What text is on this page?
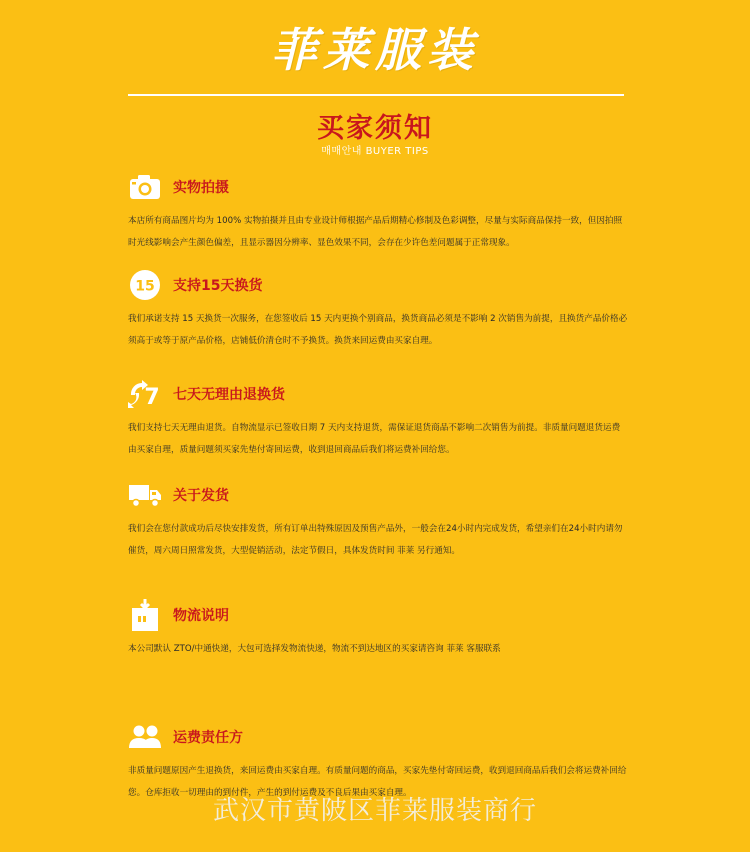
菲莱服装
买家须知
매매안내 BUYER TIPS
实物拍摄
本店所有商品图片均为 100% 实物拍摄并且由专业设计师根据产品后期精心修制及色彩调整，尽量与实际商品保持一致，但因拍照时光线影响会产生颜色偏差，且显示器因分辨率、显色效果不同，会存在少许色差问题属于正常现象。
15 支持15天换货
我们承诺支持 15 天换货一次服务，在您签收后 15 天内更换个别商品，换货商品必须是不影响 2 次销售为前提，且换货产品价格必须高于或等于原产品价格，店铺低价清仓时不予换货。换货来回运费由买家自理。
7 七天无理由退换货
我们支持七天无理由退货。自物流显示已签收日期 7 天内支持退货，需保证退货商品不影响二次销售为前提。非质量问题退货运费由买家自理，质量问题须买家先垫付寄回运费，收到退回商品后我们将运费补回给您。
关于发货
我们会在您付款成功后尽快安排发货，所有订单出特殊原因及预售产品外，一般会在24小时内完成发货，希望亲们在24小时内请勿催货，周六周日照常发货，大型促销活动，法定节假日，具体发货时间 菲莱 另行通知。
物流说明
本公司默认 ZTO/中通快递，大包可选择发物流快递，物流不到达地区的买家请咨询 菲莱 客服联系
运费责任方
非质量问题原因产生退换货，来回运费由买家自理。有质量问题的商品，买家先垫付寄回运费，收到退回商品后我们会将运费补回给您。仓库拒收一切理由的到付件，产生的到付运费及不良后果由买家自理。
武汉市黄陂区菲莱服装商行
